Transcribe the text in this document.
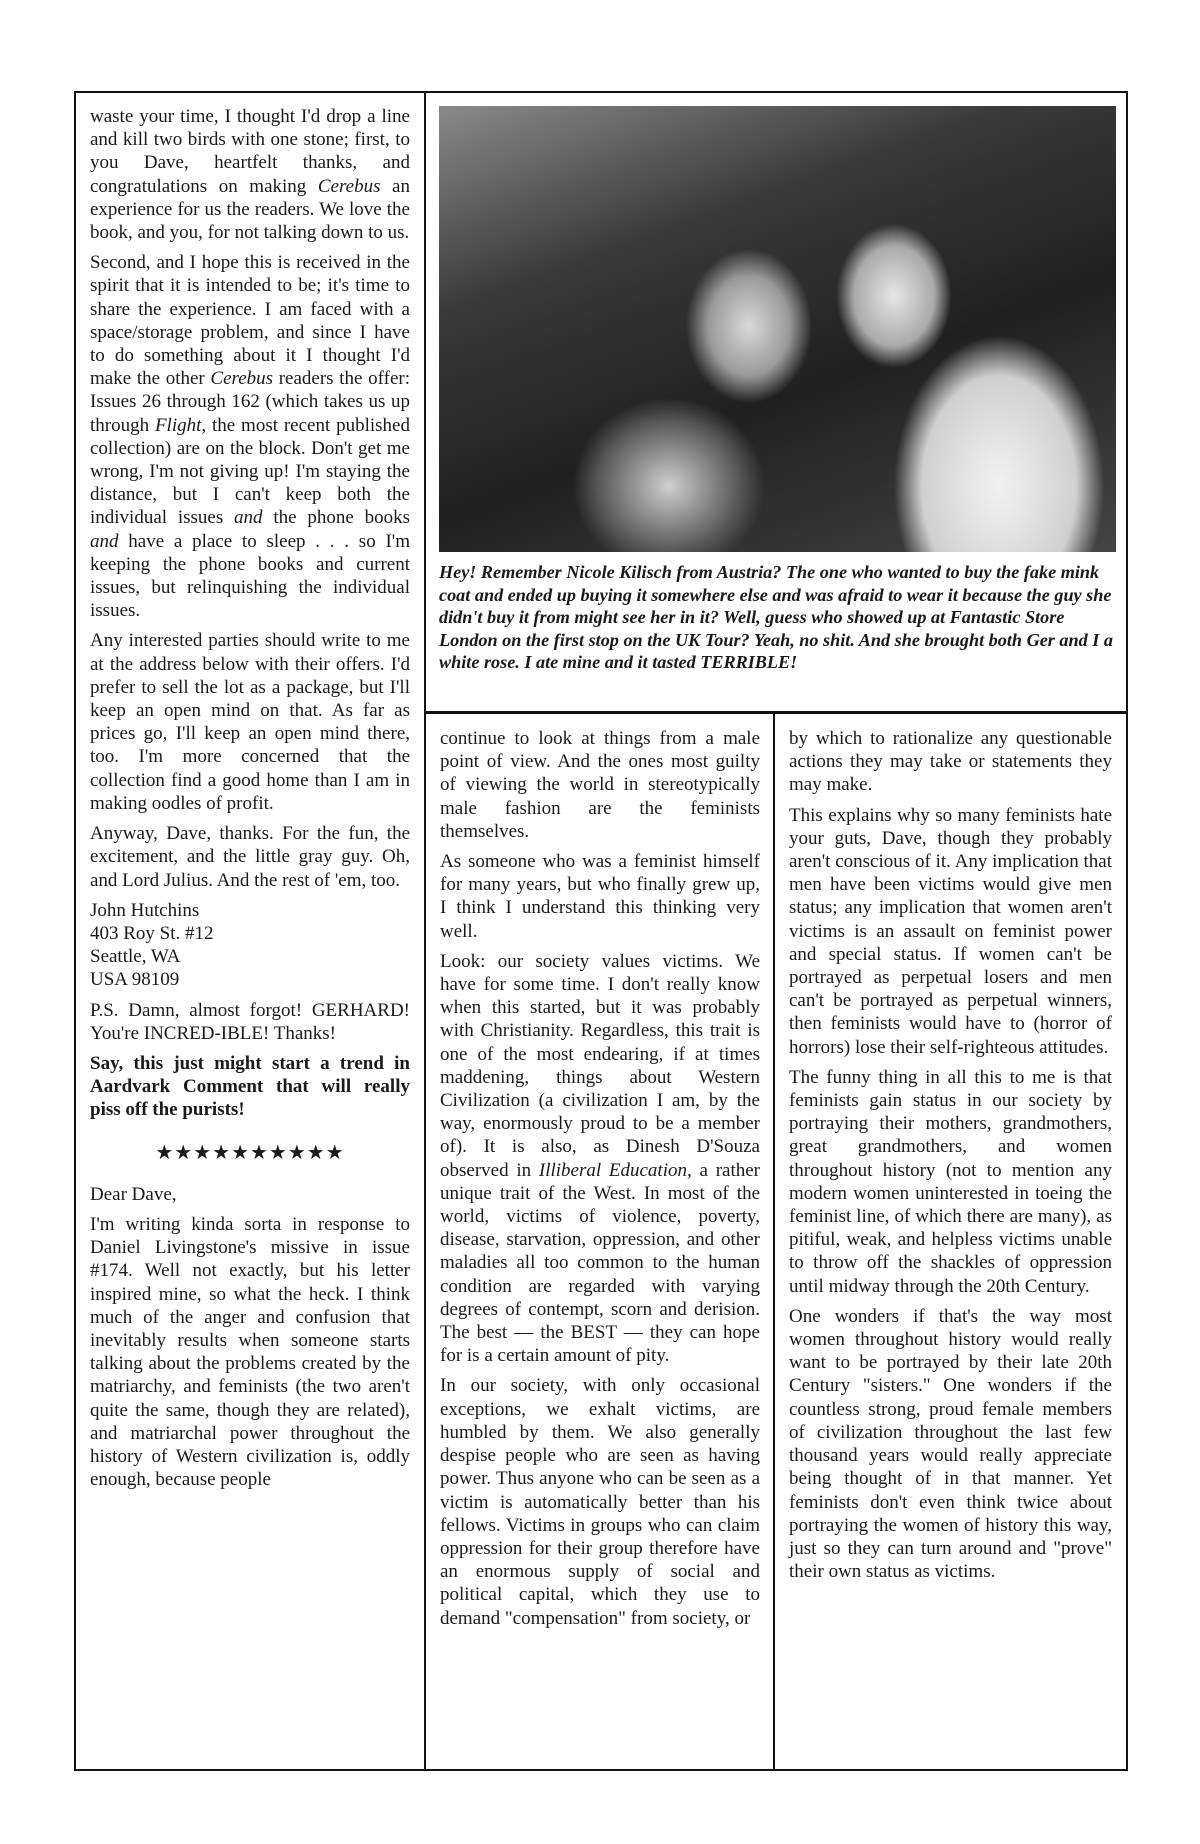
waste your time, I thought I'd drop a line and kill two birds with one stone; first, to you Dave, heartfelt thanks, and congratulations on making Cerebus an experience for us the readers. We love the book, and you, for not talking down to us.

Second, and I hope this is received in the spirit that it is intended to be; it's time to share the experience. I am faced with a space/storage problem, and since I have to do something about it I thought I'd make the other Cerebus readers the offer: Issues 26 through 162 (which takes us up through Flight, the most recent published collection) are on the block. Don't get me wrong, I'm not giving up! I'm staying the distance, but I can't keep both the individual issues and the phone books and have a place to sleep . . . so I'm keeping the phone books and current issues, but relinquishing the individual issues.

Any interested parties should write to me at the address below with their offers. I'd prefer to sell the lot as a package, but I'll keep an open mind on that. As far as prices go, I'll keep an open mind there, too. I'm more concerned that the collection find a good home than I am in making oodles of profit.

Anyway, Dave, thanks. For the fun, the excitement, and the little gray guy. Oh, and Lord Julius. And the rest of 'em, too.

John Hutchins
403 Roy St. #12
Seattle, WA
USA 98109

P.S. Damn, almost forgot! GERHARD! You're INCRED-IBLE! Thanks!

Say, this just might start a trend in Aardvark Comment that will really piss off the purists!

★★★★★★★★★★

Dear Dave,

I'm writing kinda sorta in response to Daniel Livingstone's missive in issue #174. Well not exactly, but his letter inspired mine, so what the heck. I think much of the anger and confusion that inevitably results when someone starts talking about the problems created by the matriarchy, and feminists (the two aren't quite the same, though they are related), and matriarchal power throughout the history of Western civilization is, oddly enough, because people

Hey! Remember Nicole Kilisch from Austria? The one who wanted to buy the fake mink coat and ended up buying it somewhere else and was afraid to wear it because the guy she didn't buy it from might see her in it? Well, guess who showed up at Fantastic Store London on the first stop on the UK Tour? Yeah, no shit. And she brought both Ger and I a white rose. I ate mine and it tasted TERRIBLE!

continue to look at things from a male point of view. And the ones most guilty of viewing the world in stereotypically male fashion are the feminists themselves.

As someone who was a feminist himself for many years, but who finally grew up, I think I understand this thinking very well.

Look: our society values victims. We have for some time. I don't really know when this started, but it was probably with Christianity. Regardless, this trait is one of the most endearing, if at times maddening, things about Western Civilization (a civilization I am, by the way, enormously proud to be a member of). It is also, as Dinesh D'Souza observed in Illiberal Education, a rather unique trait of the West. In most of the world, victims of violence, poverty, disease, starvation, oppression, and other maladies all too common to the human condition are regarded with varying degrees of contempt, scorn and derision. The best — the BEST — they can hope for is a certain amount of pity.

In our society, with only occasional exceptions, we exhalt victims, are humbled by them. We also generally despise people who are seen as having power. Thus anyone who can be seen as a victim is automatically better than his fellows. Victims in groups who can claim oppression for their group therefore have an enormous supply of social and political capital, which they use to demand "compensation" from society, or

by which to rationalize any questionable actions they may take or statements they may make.

This explains why so many feminists hate your guts, Dave, though they probably aren't conscious of it. Any implication that men have been victims would give men status; any implication that women aren't victims is an assault on feminist power and special status. If women can't be portrayed as perpetual losers and men can't be portrayed as perpetual winners, then feminists would have to (horror of horrors) lose their self-righteous attitudes.

The funny thing in all this to me is that feminists gain status in our society by portraying their mothers, grandmothers, great grandmothers, and women throughout history (not to mention any modern women uninterested in toeing the feminist line, of which there are many), as pitiful, weak, and helpless victims unable to throw off the shackles of oppression until midway through the 20th Century.

One wonders if that's the way most women throughout history would really want to be portrayed by their late 20th Century "sisters." One wonders if the countless strong, proud female members of civilization throughout the last few thousand years would really appreciate being thought of in that manner. Yet feminists don't even think twice about portraying the women of history this way, just so they can turn around and "prove" their own status as victims.
